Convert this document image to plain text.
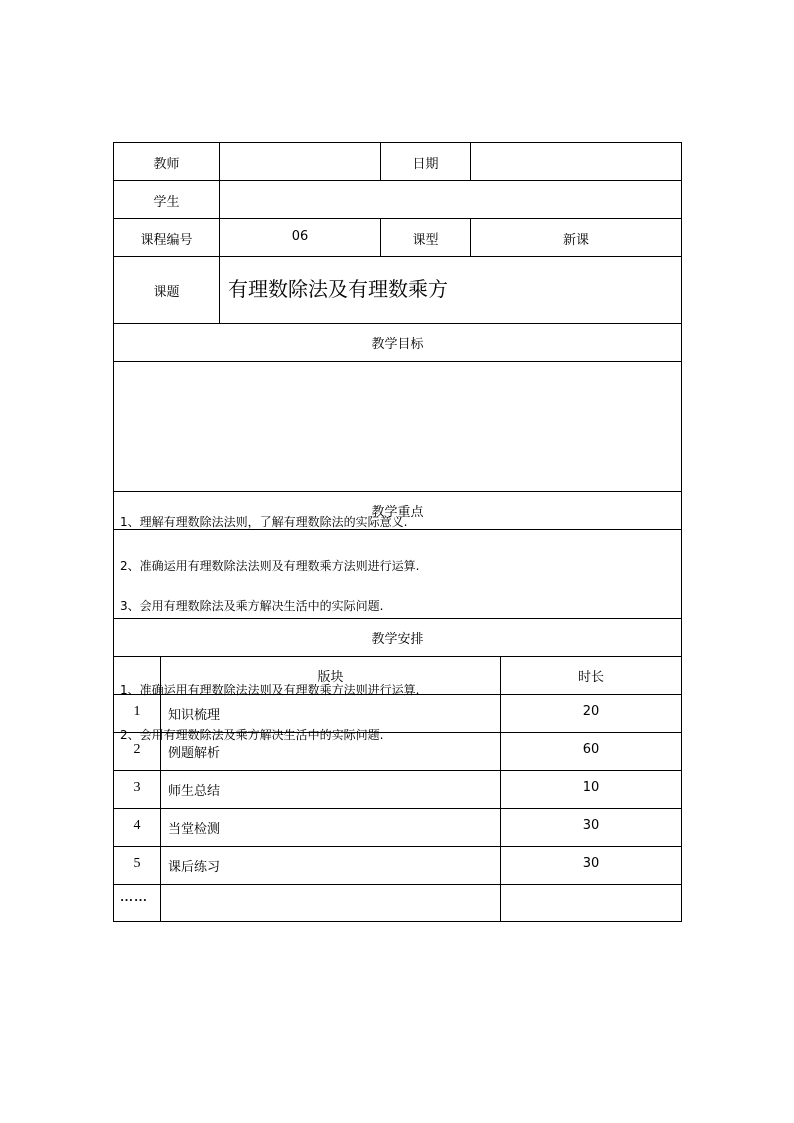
教师		日期	
学生			
课程编号	06	课型	新课
课题	有理数除法及有理数乘方		
教学目标			

1、理解有理数除法法则，了解有理数除法的实际意义.
2、准确运用有理数除法法则及有理数乘方法则进行运算.
3、会用有理数除法及乘方解决生活中的实际问题.			

教学重点			

1、准确运用有理数除法法则及有理数乘方法则进行运算.
2、会用有理数除法及乘方解决生活中的实际问题.			

教学安排			
	版块	时长
1	知识梳理	20
2	例题解析	60
3	师生总结	10
4	当堂检测	30
5	课后练习	30
……		
